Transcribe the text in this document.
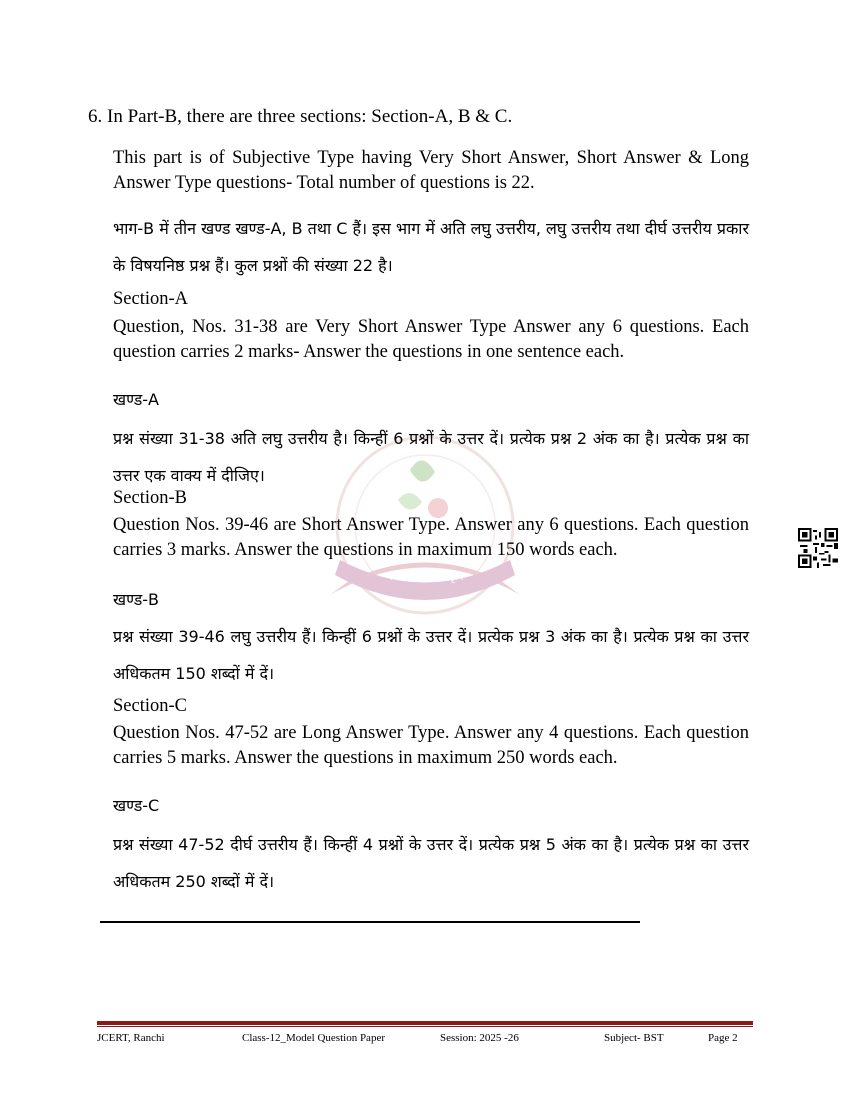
नवोन्मेष शोध नेतृत्व
6. In Part-B, there are three sections: Section-A, B & C.
This part is of Subjective Type having Very Short Answer, Short Answer & Long Answer Type questions- Total number of questions is 22.
भाग-B में तीन खण्ड खण्ड-A, B तथा C हैं। इस भाग में अति लघु उत्तरीय, लघु उत्तरीय तथा दीर्घ उत्तरीय प्रकार के विषयनिष्ठ प्रश्न हैं। कुल प्रश्नों की संख्या 22 है।
Section-A
Question, Nos. 31-38 are Very Short Answer Type Answer any 6 questions. Each question carries 2 marks- Answer the questions in one sentence each.
खण्ड-A
प्रश्न संख्या 31-38 अति लघु उत्तरीय है। किन्हीं 6 प्रश्नों के उत्तर दें। प्रत्येक प्रश्न 2 अंक का है। प्रत्येक प्रश्न का उत्तर एक वाक्य में दीजिए।
Section-B
Question Nos. 39-46 are Short Answer Type. Answer any 6 questions. Each question carries 3 marks. Answer the questions in maximum 150 words each.
खण्ड-B
प्रश्न संख्या 39-46 लघु उत्तरीय हैं। किन्हीं 6 प्रश्नों के उत्तर दें। प्रत्येक प्रश्न 3 अंक का है। प्रत्येक प्रश्न का उत्तर अधिकतम 150 शब्दों में दें।
Section-C
Question Nos. 47-52 are Long Answer Type. Answer any 4 questions. Each question carries 5 marks. Answer the questions in maximum 250 words each.
खण्ड-C
प्रश्न संख्या 47-52 दीर्घ उत्तरीय हैं। किन्हीं 4 प्रश्नों के उत्तर दें। प्रत्येक प्रश्न 5 अंक का है। प्रत्येक प्रश्न का उत्तर अधिकतम 250 शब्दों में दें।
JCERT, Ranchi	Class-12_Model Question Paper	Session: 2025 -26	Subject- BST	Page 2
